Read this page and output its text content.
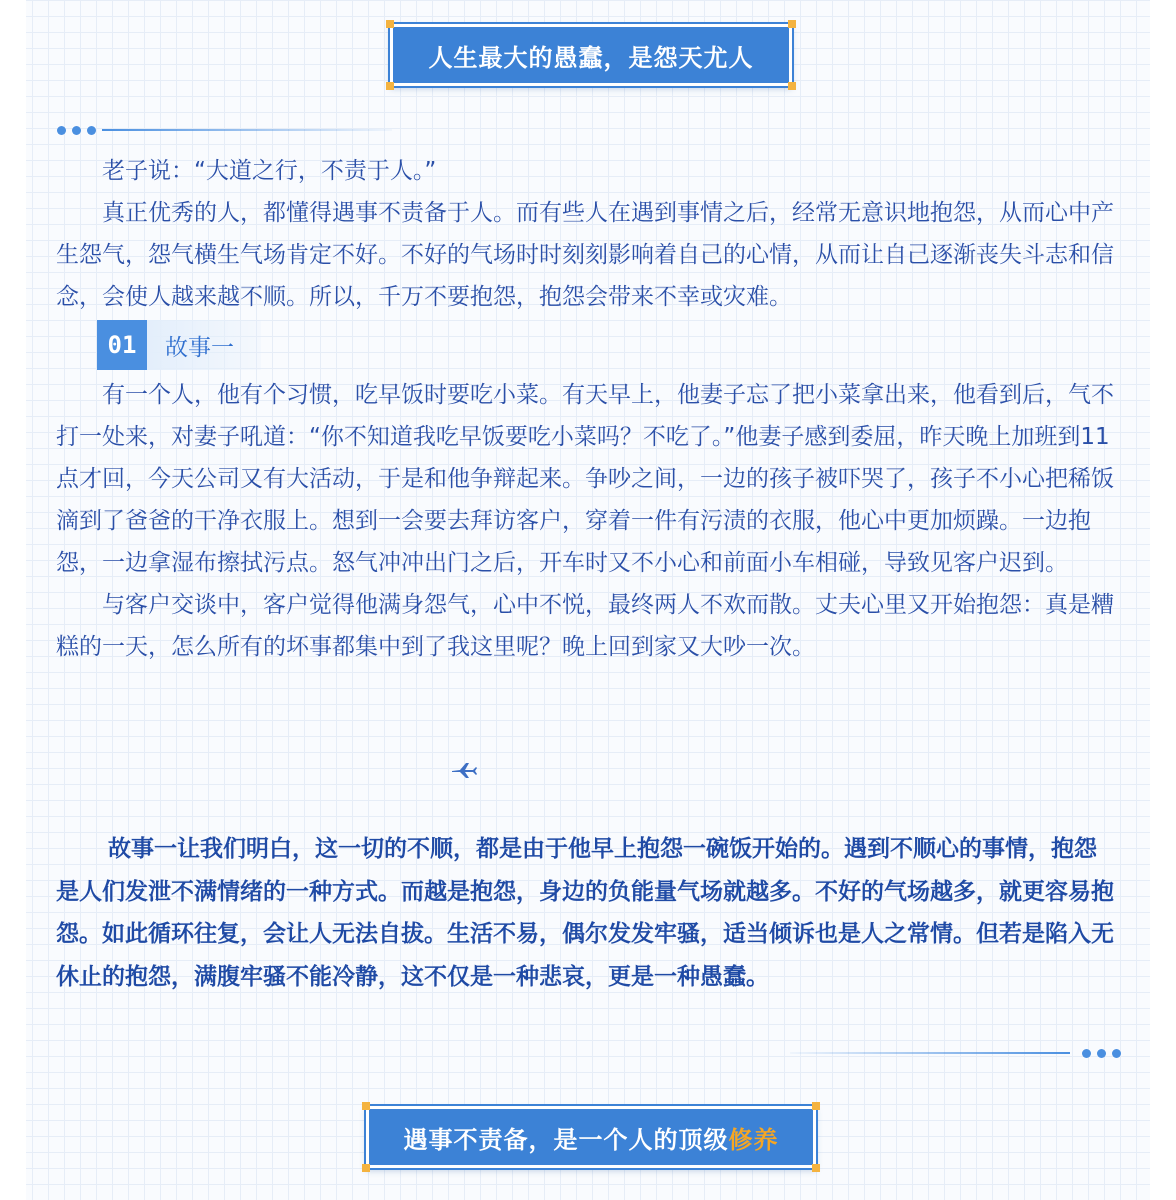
人生最大的愚蠢，是怨天尤人

老子说：“大道之行，不责于人。”

真正优秀的人，都懂得遇事不责备于人。而有些人在遇到事情之后，经常无意识地抱怨，从而心中产生怨气，怨气横生气场肯定不好。不好的气场时时刻刻影响着自己的心情，从而让自己逐渐丧失斗志和信念，会使人越来越不顺。所以，千万不要抱怨，抱怨会带来不幸或灾难。

01	故事一

有一个人，他有个习惯，吃早饭时要吃小菜。有天早上，他妻子忘了把小菜拿出来，他看到后，气不打一处来，对妻子吼道：“你不知道我吃早饭要吃小菜吗？不吃了。”他妻子感到委屈，昨天晚上加班到11点才回，今天公司又有大活动，于是和他争辩起来。争吵之间，一边的孩子被吓哭了，孩子不小心把稀饭滴到了爸爸的干净衣服上。想到一会要去拜访客户，穿着一件有污渍的衣服，他心中更加烦躁。一边抱怨，一边拿湿布擦拭污点。怒气冲冲出门之后，开车时又不小心和前面小车相碰，导致见客户迟到。

与客户交谈中，客户觉得他满身怨气，心中不悦，最终两人不欢而散。丈夫心里又开始抱怨：真是糟糕的一天，怎么所有的坏事都集中到了我这里呢？晚上回到家又大吵一次。

故事一让我们明白，这一切的不顺，都是由于他早上抱怨一碗饭开始的。遇到不顺心的事情，抱怨是人们发泄不满情绪的一种方式。而越是抱怨，身边的负能量气场就越多。不好的气场越多，就更容易抱怨。如此循环往复，会让人无法自拔。生活不易，偶尔发发牢骚，适当倾诉也是人之常情。但若是陷入无休止的抱怨，满腹牢骚不能冷静，这不仅是一种悲哀，更是一种愚蠢。

遇事不责备，是一个人的顶级修养
